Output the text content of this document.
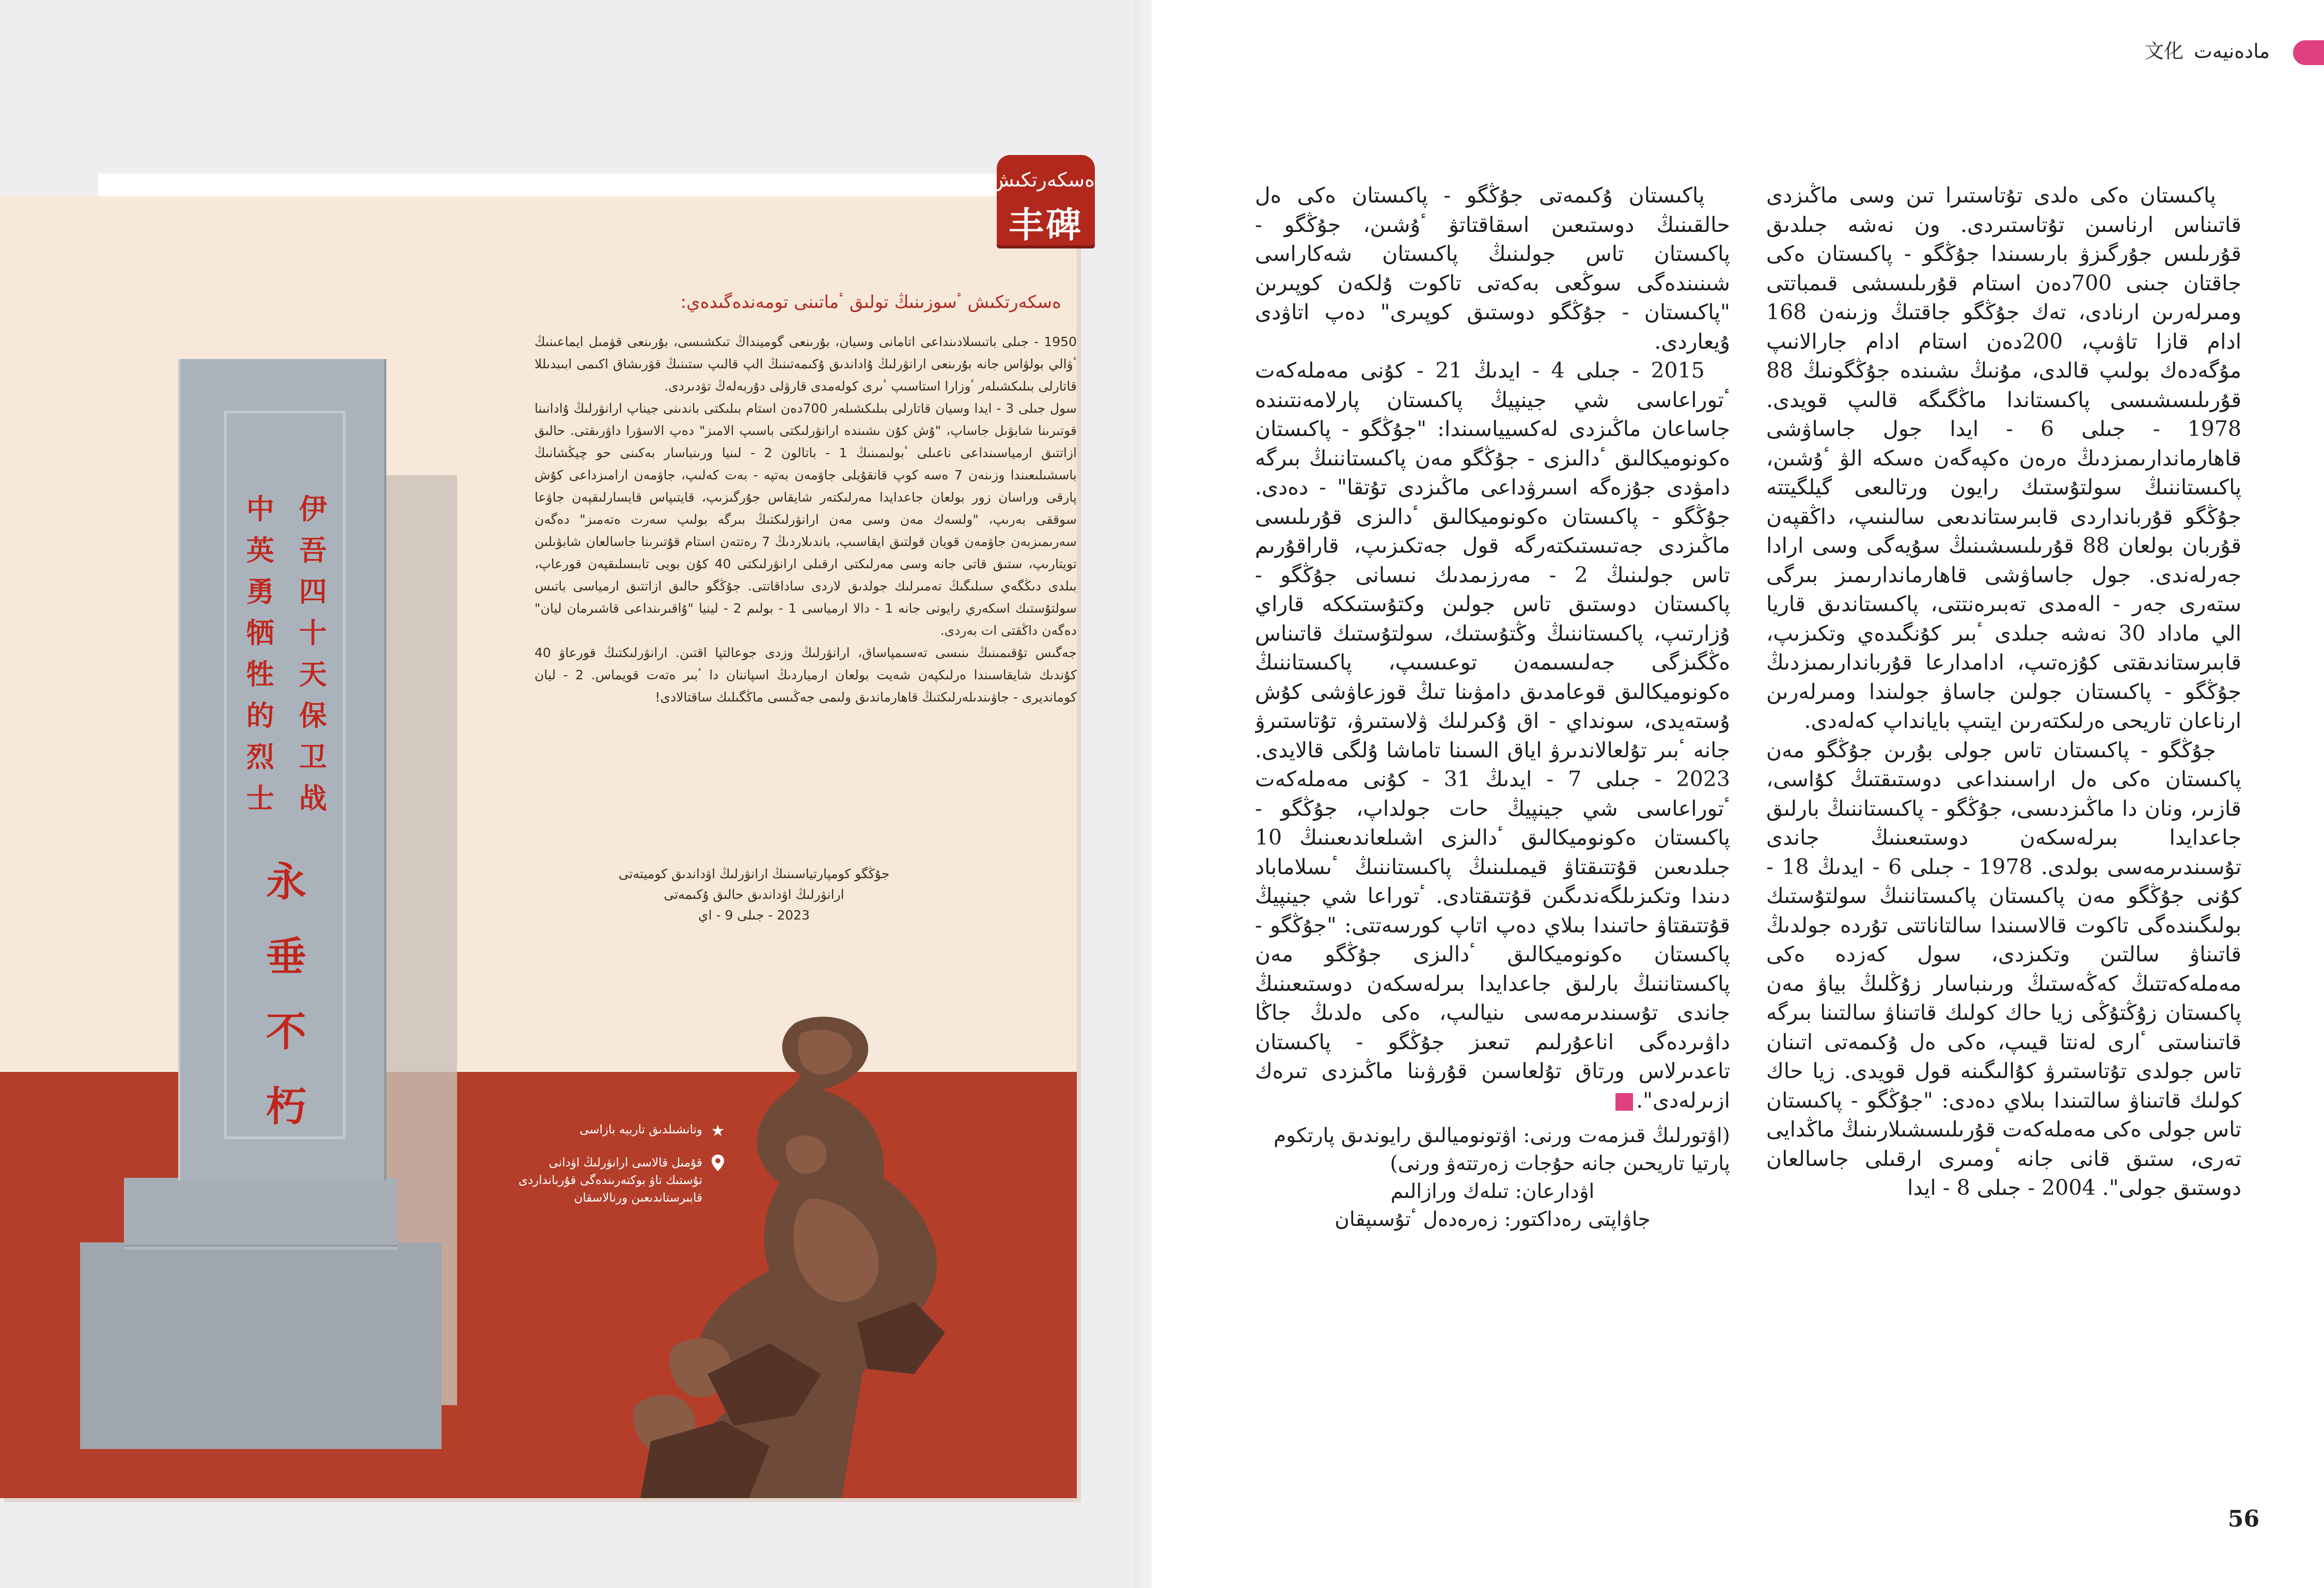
ەسكەرتكىش
丰碑
ەسكەرتكىش ٴسوزىنىڭ تولىق ٴماتىنى تومەندەگىدەي:

1950 - جىلى باتىسلادىنداعى اتامانى وسيان، بۇرىنعى گومينداڭ تىكشىسى، بۇرىنعى قۋمىل ايماعىنىڭ ٴۋالي بولۋاس جانە بۇرىنعى ارانۋرلىڭ ۇاداندىق ۇكىمەتىنىڭ الپ قالىپ ستىنىڭ قۋرىشاق اكىمى ابىبدىللا قاتارلى بىلىكشىلەر ٴوزارا استاسىپ ٴىرى كولەمدى قارۋلى دۇربەلەڭ تۋدىردى.

سول جىلى 3 - ايدا وسيان قاتارلى بىلىكشىلەر 700دەن استام بىلىكتى باندىنى جيناپ ارانۋرلىڭ ۇادانىنا قوتىرىنا شابۋىل جاساپ، "ۇش كۇن ىشىندە ارانۋرلىكتى باسىپ الامىز" دەپ الاسۋرا داۋرىقتى. حالىق ازاتتىق ارمياسىنداعى ناعىلى ٴبولىمىنىڭ 1 - باتالون 2 - لىنيا ورىنباسار بەكىنى حو چيڭشانىڭ باسشىلىعىندا وزىنەن 7 ەسە كوپ قانقۇيلى جاۋمەن بەتپە - بەت كەلىپ، جاۋمەن ارامىزداعى كۇش پارقى وراسان زور بولعان جاعدايدا مەرلىكتەر شايقاس جۇرگىزىپ، قايتىپاس قايسارلىقپەن جاۋعا سوققى بەرىپ، "ولسەك مەن وسى مەن ارانۋرلىكتىڭ بىرگە بولىپ سەرت ەتەمىز" دەگەن سەرىمىزبەن جاۋمەن قويان قولتىق ايقاسىپ، باندىلاردىڭ 7 رەتتەن استام قۇتىرىنا جاسالعان شابۋىلىن تويتارىپ، ستىق قاتى جانە وسى مەرلىكتى ارقىلى ارانۋرلىكتى 40 كۇن بويى تابىسلىقپەن قورعاپ، بىلدى دىڭگەي سىلىگىڭ تەمىرلىك جولدىق لاردى ساداقاتتى. جۇڭگو حالىق ازاتتىق ارمياسى باتىس سولتۇستىك اسكەري رايونى جانە 1 - دالا ارمياسى 1 - بولىم 2 - لينيا "ۇاقىرىنداعى قاشىرمان ليان" دەگەن داڭقتى ات بەردى.

جەگىس تۇقىمىنىڭ ىنىسى تەسىمپاساق، ارانۋرلىڭ وزدى جوعالتپا اقتىن. ارانۋرلىكتىڭ قورعاۋ 40 كۇندىك شايقاسىندا ەرلىكپەن شەيت بولعان ارمياردىڭ اسپاننان دا ٴبىر ەتەت قويماس. 2 - ليان كومانديرى - جاۋىندىلەرلىكتىڭ قاهارماندىق ولىمى جەڭىسى ماڭگىلىك ساقتالادى!

جۇڭگو كومپارتياسىنىڭ ارانۋرلىڭ اۋداندىق كوميتەتى
ارانۋرلىڭ اۋداندىق حالىق ۇكىمەتى
2023 - جىلى 9 - اي
伊
吾
四
十
天
保
卫
战
中
英
勇
牺
牲
的
烈
士
永
垂
不
朽
★
وتانشىلدىق تاربيە بازاسى
قۇمىل قالاسى ارانۋرلىڭ اۋدانى تۇستىك تاۋ بوكتەرىندەگى قۇربانداردى قابىرستاندىعىن ورنالاسقان
مادەنيەت文化

پاكىستان ەكى ەلدى تۇتاستىرا تىن وسى ماڭىزدى قاتىناس ارناسىن تۇتاستىردى. ون نەشە جىلدىق قۇرىلىس جۇرگىزۋ بارىسىندا جۇڭگو - پاكىستان ەكى جاقتان جىنى 700دەن استام قۇرىلىسشى قىمباتتى ومىرلەرىن ارنادى، تەك جۇڭگو جاقتىڭ وزىنەن 168 ادام قازا تاۋىپ، 200دەن استام ادام جارالانىپ مۇگەدەك بولىپ قالدى، مۇنىڭ ىشىندە جۇڭگونىڭ 88 قۇرىلىسشىسى پاكىستاندا ماڭگىگە قالىپ قويدى. 1978 - جىلى 6 - ايدا جول جاساۋشى قاھارماندارىمىزدىڭ ەرەن ەكپەگەن ەسكە الۋ ٴۇشىن، پاكىستاننىڭ سولتۇستىك رايون ورتالىعى گيلگيتتە جۇڭگو قۇربانداردى قابىرستاندىعى سالىنىپ، داڭقپەن قۇربان بولعان 88 قۇرىلىسشىنىڭ سۇيەگى وسى ارادا جەرلەندى. جول جاساۋشى قاھارماندارىمىز بىرگى ستەرى جەر - الەمدى تەبىرەنتتى، پاكىستاندىق قاريا الي ماداد 30 نەشە جىلدى ٴبىر كۇنگىدەي وتكىزىپ، قابىرستاندىقتى كۇزەتىپ، ادامدارعا قۇرباندارىمىزدىڭ جۇڭگو - پاكىستان جولىن جاساۋ جولىندا ومىرلەرىن ارناعان تاريحى ەرلىكتەرىن ايتىپ بايانداپ كەلەدى.

جۇڭگو - پاكىستان تاس جولى بۇرىن جۇڭگو مەن پاكىستان ەكى ەل اراسىنداعى دوستىقتىڭ كۇاسى، قازىر، ونان دا ماڭىزدىسى، جۇڭگو - پاكىستاننىڭ بارلىق جاعدايدا بىرلەسكەن دوستىعىنىڭ جاندى تۇسىندىرمەسى بولدى. 1978 - جىلى 6 - ايدىڭ 18 - كۇنى جۇڭگو مەن پاكىستان پاكىستاننىڭ سولتۇستىك بولىگىندەگى تاكوت قالاسىندا سالتاناتتى تۇردە جولدىڭ قاتىناۋ سالتىن وتكىزدى، سول كەزدە ەكى مەملەكەتتىڭ كەڭەستىڭ ورىنباسار زۇڭلىڭ بياۋ مەن پاكىستان زۇڭتۇڭى زيا حاك كولىك قاتىناۋ سالتىنا بىرگە قاتىناستى ٴارى لەنتا قيىپ، ەكى ەل ۇكىمەتى اتىنان تاس جولدى تۇتاستىرۋ كۇالىگىنە قول قويدى. زيا حاك كولىك قاتىناۋ سالتىندا بىلاي دەدى: "جۇڭگو - پاكىستان تاس جولى ەكى مەملەكەت قۇرىلىسشىلارىنىڭ ماڭدايى تەرى، ستىق قانى جانە ٴومىرى ارقىلى جاسالعان دوستىق جولى". 2004 - جىلى 8 - ايدا

پاكىستان ۇكىمەتى جۇڭگو - پاكىستان ەكى ەل حالقىنىڭ دوستىعىن اسقاقتاتۋ ٴۇشىن، جۇڭگو - پاكىستان تاس جولىنىڭ پاكىستان شەكاراسى شىنىندەگى سوڭعى بەكەتى تاكوت ۇلكەن كوپىرىن "پاكىستان - جۇڭگو دوستىق كوپىرى" دەپ اتاۋدى ۇيعاردى.

2015 - جىلى 4 - ايدىڭ 21 - كۇنى مەملەكەت ٴتوراعاسى شي جينپيڭ پاكىستان پارلامەنتىندە جاساعان ماڭىزدى لەكسيياسىندا: "جۇڭگو - پاكىستان ەكونوميكالىق ٴدالىزى - جۇڭگو مەن پاكىستاننىڭ بىرگە دامۋدى جۇزەگە اسىرۋداعى ماڭىزدى تۇتقا" - دەدى. جۇڭگو - پاكىستان ەكونوميكالىق ٴدالىزى قۇرىلىسى ماڭىزدى جەتىستىكتەرگە قول جەتكىزىپ، قاراقۇرىم تاس جولىنىڭ 2 - مەرزىمدىك نىسانى جۇڭگو - پاكىستان دوستىق تاس جولىن وكتۇستىككە قاراي ۇزارتىپ، پاكىستاننىڭ وڭتۇستىك، سولتۇستىك قاتىناس ەڭگىزگى جەلىسىمەن توعىسىپ، پاكىستاننىڭ ەكونوميكالىق قوعامدىق دامۋىنا تىڭ قوزعاۋشى كۇش ۇستەيدى، سونداي - اق ۇكىرلىك ۋلاستىرۋ، تۇتاستىرۋ جانە ٴبىر تۇلعالاندىرۋ اياق السىنا تاماشا ۇلگى قالايدى. 2023 - جىلى 7 - ايدىڭ 31 - كۇنى مەملەكەت ٴتوراعاسى شي جينپيڭ حات جولداپ، جۇڭگو - پاكىستان ەكونوميكالىق ٴدالىزى اشىلعاندىعىنىڭ 10 جىلدىعىن قۇتتىقتاۋ قيمىلىنىڭ پاكىستاننىڭ ٴىسلاماباد دىندا وتكىزىلگەندىگىن قۇتتىقتادى. ٴتوراعا شي جينپيڭ قۇتتىقتاۋ حاتىندا بىلاي دەپ اتاپ كورسەتتى: "جۇڭگو - پاكىستان ەكونوميكالىق ٴدالىزى جۇڭگو مەن پاكىستاننىڭ بارلىق جاعدايدا بىرلەسكەن دوستىعىنىڭ جاندى تۇسىندىرمەسى ىنيالىپ، ەكى ەلدىڭ جاڭا داۋىردەگى اناعۇرلىم تىعىز جۇڭگو - پاكىستان تاعدىرلاس ورتاق تۇلعاسىن قۇرۋىنا ماڭىزدى تىرەك ازىرلەدى".

(اۋتورلىڭ قىزمەت ورنى: اۋتونوميالىق رايوندىق پارتكوم
پارتيا تاريحىن جانە حۇجات زەرتتەۋ ورنى)
اۋدارعان: تىلەك ورازالىم
جاۋاپتى رەداكتور: زەرەدەل ٴتۇسىپقان
56
